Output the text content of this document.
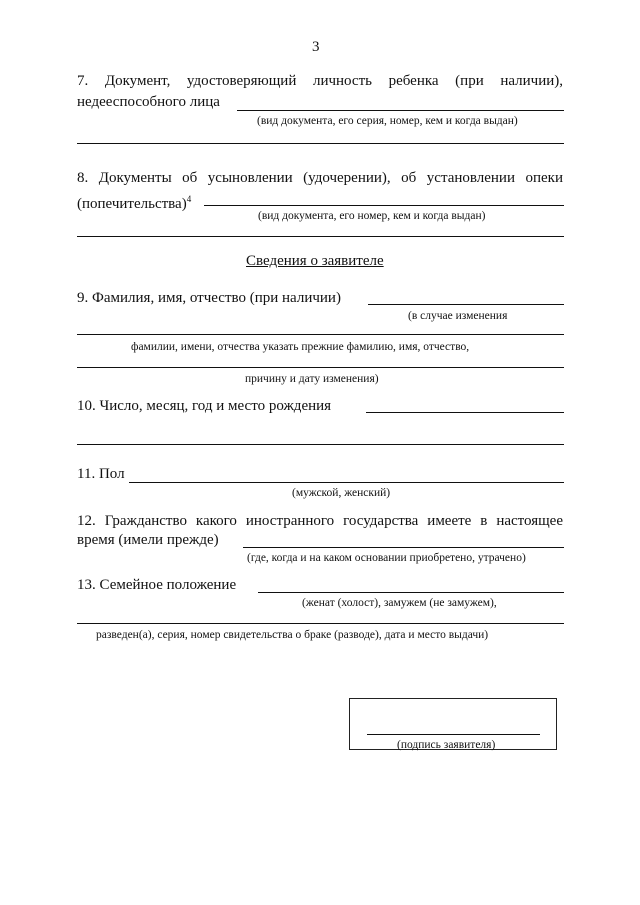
3
7. Документ, удостоверяющий личность ребенка (при наличии),
недееспособного лица
(вид документа, его серия, номер, кем и когда выдан)
8. Документы об усыновлении (удочерении), об установлении опеки
(попечительства)$^4$
(вид документа, его номер, кем и когда выдан)
Сведения о заявителе
9. Фамилия, имя, отчество (при наличии)
(в случае изменения
фамилии, имени, отчества указать прежние фамилию, имя, отчество,
причину и дату изменения)
10. Число, месяц, год и место рождения
11. Пол
(мужской, женский)
12. Гражданство какого иностранного государства имеете в настоящее
время (имели прежде)
(где, когда и на каком основании приобретено, утрачено)
13. Семейное положение
(женат (холост), замужем (не замужем),
разведен(а), серия, номер свидетельства о браке (разводе), дата и место выдачи)
(подпись заявителя)
